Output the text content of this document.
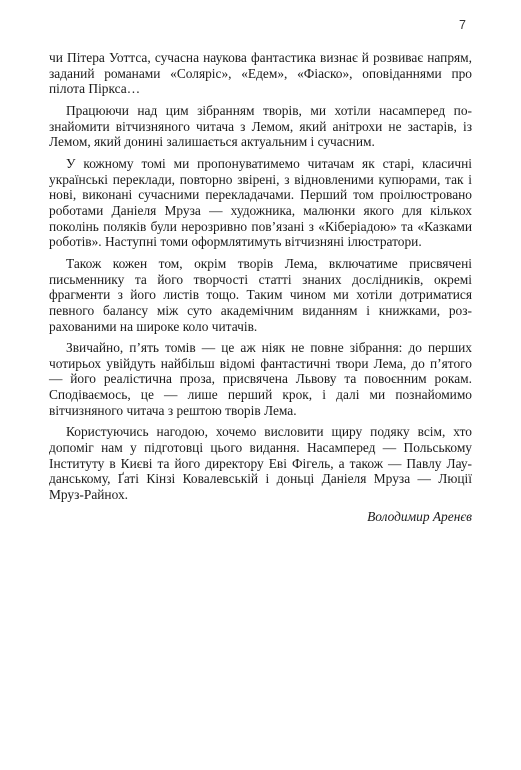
7

чи Пітера Уоттса, сучасна наукова фантастика визнає й розвиває напрям, заданий романами «Соляріс», «Едем», «Фіаско», оповіданнями про пілота Піркса…

Працюючи над цим зібранням творів, ми хотіли насамперед познайомити вітчизняного читача з Лемом, який анітрохи не застарів, із Лемом, який донині залишається актуальним і сучасним.

У кожному томі ми пропонуватимемо читачам як старі, класичні українські переклади, повторно звірені, з відновленими купюрами, так і нові, виконані сучасними перекладачами. Перший том проілюстровано роботами Даніеля Мруза — художника, малюнки якого для кількох поколінь поляків були нерозривно пов’язані з «Кіберіадою» та «Казками роботів». Наступні томи оформлятимуть вітчизняні ілюстратори.

Також кожен том, окрім творів Лема, включатиме присвячені письменнику та його творчості статті знаних дослідників, окремі фрагменти з його листів тощо. Таким чином ми хотіли дотриматися певного балансу між суто академічним виданням і книжками, розрахованими на широке коло читачів.

Звичайно, п’ять томів — це аж ніяк не повне зібрання: до перших чотирьох увійдуть найбільш відомі фантастичні твори Лема, до п’ятого — його реалістична проза, присвячена Львову та повоєнним рокам. Сподіваємось, це — лише перший крок, і далі ми познайомимо вітчизняного читача з рештою творів Лема.

Користуючись нагодою, хочемо висловити щиру подяку всім, хто допоміг нам у підготовці цього видання. Насамперед — Польському Інституту в Києві та його директору Еві Фігель, а також — Павлу Лауданському, Ґаті Кінзі Ковалевській і доньці Даніеля Мруза — Люції Мруз-Райнох.

Володимир Аренєв
